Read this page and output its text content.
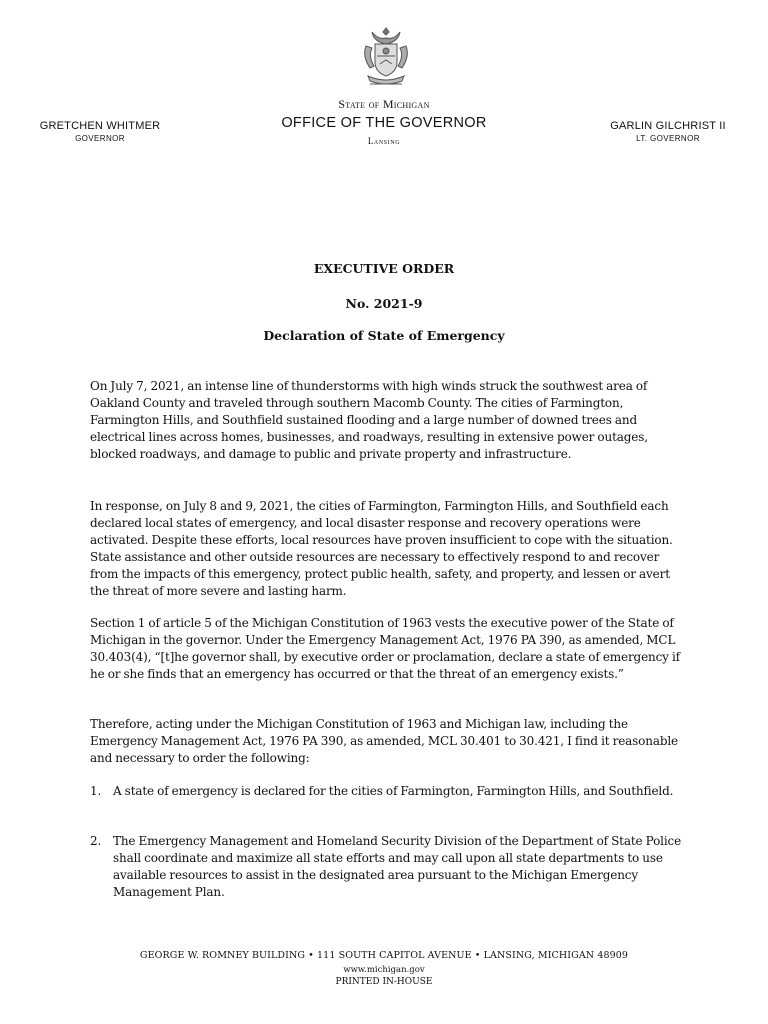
GRETCHEN WHITMER
GOVERNOR
State of Michigan
OFFICE OF THE GOVERNOR
Lansing
GARLIN GILCHRIST II
LT. GOVERNOR
EXECUTIVE ORDER
No. 2021-9
Declaration of State of Emergency
On July 7, 2021, an intense line of thunderstorms with high winds struck the southwest area of Oakland County and traveled through southern Macomb County. The cities of Farmington, Farmington Hills, and Southfield sustained flooding and a large number of downed trees and electrical lines across homes, businesses, and roadways, resulting in extensive power outages, blocked roadways, and damage to public and private property and infrastructure.
In response, on July 8 and 9, 2021, the cities of Farmington, Farmington Hills, and Southfield each declared local states of emergency, and local disaster response and recovery operations were activated. Despite these efforts, local resources have proven insufficient to cope with the situation. State assistance and other outside resources are necessary to effectively respond to and recover from the impacts of this emergency, protect public health, safety, and property, and lessen or avert the threat of more severe and lasting harm.
Section 1 of article 5 of the Michigan Constitution of 1963 vests the executive power of the State of Michigan in the governor. Under the Emergency Management Act, 1976 PA 390, as amended, MCL 30.403(4), “[t]he governor shall, by executive order or proclamation, declare a state of emergency if he or she finds that an emergency has occurred or that the threat of an emergency exists.”
Therefore, acting under the Michigan Constitution of 1963 and Michigan law, including the Emergency Management Act, 1976 PA 390, as amended, MCL 30.401 to 30.421, I find it reasonable and necessary to order the following:
1. A state of emergency is declared for the cities of Farmington, Farmington Hills, and Southfield.
2. The Emergency Management and Homeland Security Division of the Department of State Police shall coordinate and maximize all state efforts and may call upon all state departments to use available resources to assist in the designated area pursuant to the Michigan Emergency Management Plan.
GEORGE W. ROMNEY BUILDING • 111 SOUTH CAPITOL AVENUE • LANSING, MICHIGAN 48909
www.michigan.gov
PRINTED IN-HOUSE
